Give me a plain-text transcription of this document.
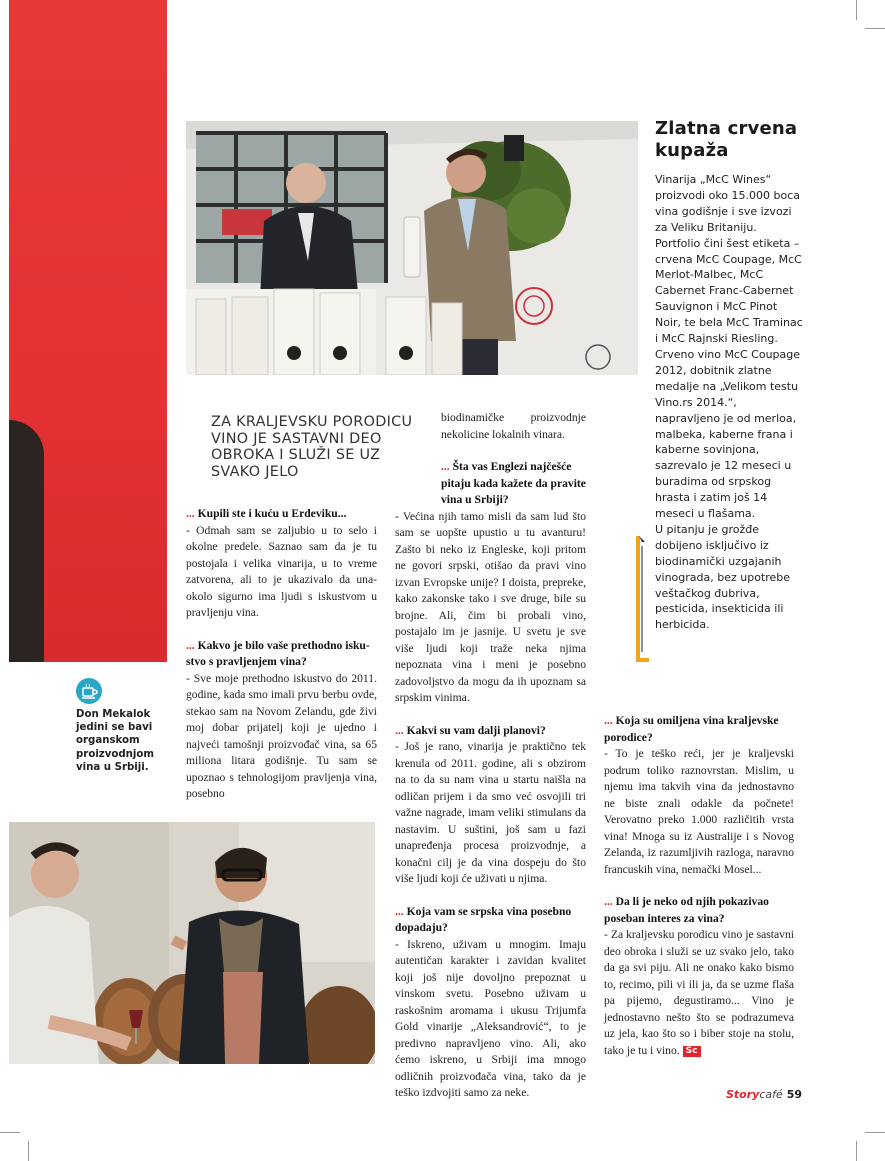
Zlatna crvena kupaža

Vinarija „McC Wines“ proizvodi oko 15.000 boca vina godišnje i sve izvozi za Veliku Britaniju. Portfolio čini šest etiketa – crvena McC Coupage, McC Merlot-Malbec, McC Cabernet Franc-Cabernet Sauvignon i McC Pinot Noir, te bela McC Traminac i McC Rajnski Riesling.

Crveno vino McC Coupage 2012, dobitnik zlatne medalje na „Velikom testu Vino.rs 2014.“, napravljeno je od merloa, malbeka, kaberne frana i kaberne sovinjona, sazrevalo je 12 meseci u buradima od srpskog hrasta i zatim još 14 meseci u flašama.

U pitanju je grožđe dobijeno isključivo iz biodinamički uzgajanih vinograda, bez upotrebe veštačkog đubriva, pesticida, insekticida ili herbicida.

ZA KRALJEVSKU PORODICU VINO JE SASTAVNI DEO OBROKA I SLUŽI SE UZ SVAKO JELO

... Kupili ste i kuću u Erdeviku...

- Odmah sam se zaljubio u to selo i okolne predele. Saznao sam da je tu postojala i velika vinarija, u to vreme zatvorena, ali to je ukazivalo da unaokolo sigurno ima ljudi s iskustvom u pravljenju vina.

... Kakvo je bilo vaše prethodno iskustvo s pravljenjem vina?

- Sve moje prethodno iskustvo do 2011. godine, kada smo imali prvu berbu ovde, stekao sam na Novom Zelandu, gde živi moj dobar prijatelj koji je ujedno i najveći tamošnji proizvođač vina, sa 65 miliona litara godišnje. Tu sam se upoznao s tehnologijom pravljenja vina, posebno

Don Mekalok jedini se bavi organskom proizvodnjom vina u Srbiji.

biodinamičke proizvodnje nekolicine lokalnih vinara.

... Šta vas Englezi najčešće pitaju kada kažete da pravite vina u Srbiji?

- Većina njih tamo misli da sam lud što sam se uopšte upustio u tu avanturu! Zašto bi neko iz Engleske, koji pritom ne govori srpski, otišao da pravi vino izvan Evropske unije? I doista, prepreke, kako zakonske tako i sve druge, bile su brojne. Ali, čim bi probali vino, postajalo im je jasnije. U svetu je sve više ljudi koji traže neka njima nepoznata vina i meni je posebno zadovoljstvo da mogu da ih upoznam sa srpskim vinima.

... Kakvi su vam dalji planovi?

- Još je rano, vinarija je praktično tek krenula od 2011. godine, ali s obzirom na to da su nam vina u startu naišla na odličan prijem i da smo već osvojili tri važne nagrade, imam veliki stimulans da nastavim. U suštini, još sam u fazi unapređenja procesa proizvodnje, a konačni cilj je da vina dospeju do što više ljudi koji će uživati u njima.

... Koja vam se srpska vina posebno dopadaju?

- Iskreno, uživam u mnogim. Imaju autentičan karakter i zavidan kvalitet koji još nije dovoljno prepoznat u vinskom svetu. Posebno uživam u raskošnim aromama i ukusu Trijumfa Gold vinarije „Aleksandrović“, to je predivno napravljeno vino. Ali, ako ćemo iskreno, u Srbiji ima mnogo odličnih proizvođača vina, tako da je teško izdvojiti samo za neke.

... Koja su omiljena vina kraljevske porodice?

- To je teško reći, jer je kraljevski podrum toliko raznovrstan. Mislim, u njemu ima takvih vina da jednostavno ne biste znali odakle da počnete! Verovatno preko 1.000 različitih vrsta vina! Mnoga su iz Australije i s Novog Zelanda, iz razumljivih razloga, naravno francuskih vina, nemački Mosel...

... Da li je neko od njih pokazivao poseban interes za vina?

- Za kraljevsku porodicu vino je sastavni deo obroka i služi se uz svako jelo, tako da ga svi piju. Ali ne onako kako bismo to, recimo, pili vi ili ja, da se uzme flaša pa pijemo, degustiramo... Vino je jednostavno nešto što se podrazumeva uz jela, kao što so i biber stoje na stolu, tako je tu i vino. Sc

Storycafé 59
